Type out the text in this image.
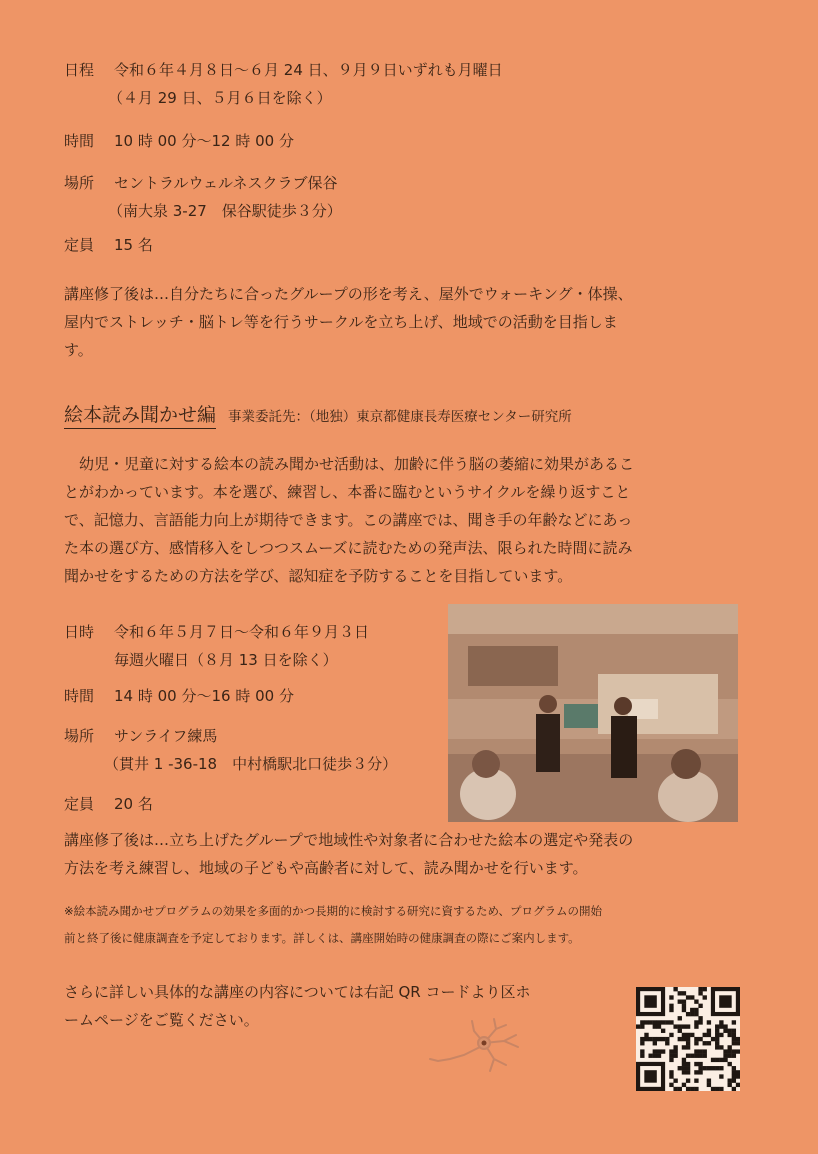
日程 令和６年４月８日～６月 24 日、９月９日いずれも月曜日
（４月 29 日、５月６日を除く）
時間 10 時 00 分～12 時 00 分
場所 セントラルウェルネスクラブ保谷
（南大泉 3-27　保谷駅徒歩３分）
定員 15 名
講座修了後は…自分たちに合ったグループの形を考え、屋外でウォーキング・体操、
屋内でストレッチ・脳トレ等を行うサークルを立ち上げ、地域での活動を目指しま
す。
絵本読み聞かせ編 事業委託先：（地独）東京都健康長寿医療センター研究所
　幼児・児童に対する絵本の読み聞かせ活動は、加齢に伴う脳の萎縮に効果があるこ
とがわかっています。本を選び、練習し、本番に臨むというサイクルを繰り返すこと
で、記憶力、言語能力向上が期待できます。この講座では、聞き手の年齢などにあっ
た本の選び方、感情移入をしつつスムーズに読むための発声法、限られた時間に読み
聞かせをするための方法を学び、認知症を予防することを目指しています。
日時 令和６年５月７日～令和６年９月３日
毎週火曜日（８月 13 日を除く）
時間 14 時 00 分～16 時 00 分
場所 サンライフ練馬
（貫井 1 -36-18　中村橋駅北口徒歩３分）
定員 20 名
講座修了後は…立ち上げたグループで地域性や対象者に合わせた絵本の選定や発表の
方法を考え練習し、地域の子どもや高齢者に対して、読み聞かせを行います。
※絵本読み聞かせプログラムの効果を多面的かつ長期的に検討する研究に資するため、プログラムの開始
前と終了後に健康調査を予定しております。詳しくは、講座開始時の健康調査の際にご案内します。
さらに詳しい具体的な講座の内容については右記 QR コードより区ホ
ームページをご覧ください。
